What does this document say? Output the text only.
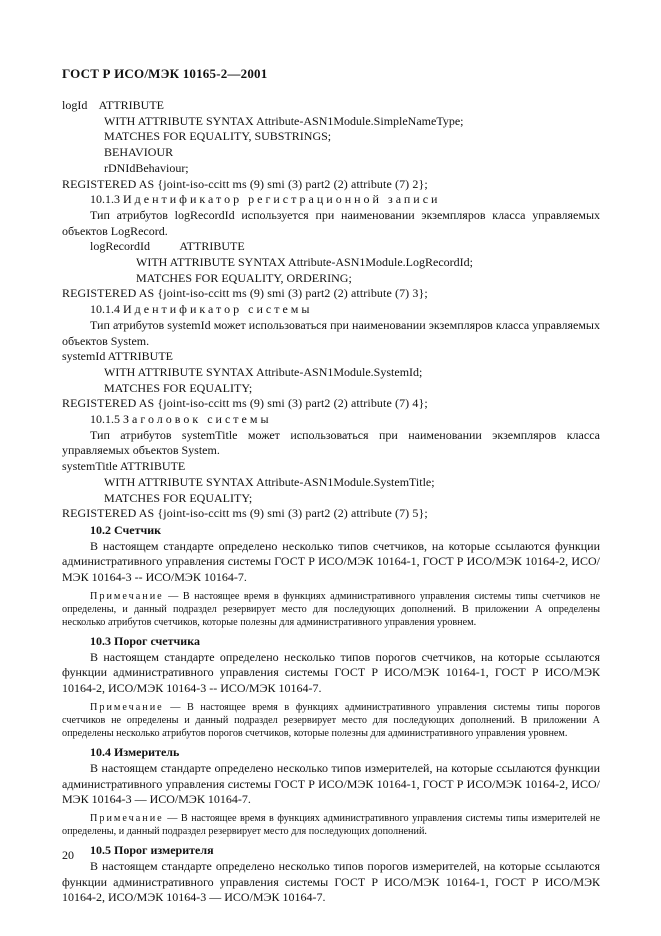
ГОСТ Р ИСО/МЭК 10165-2—2001
logId    ATTRIBUTE
WITH ATTRIBUTE SYNTAX Attribute-ASN1Module.SimpleNameType;
MATCHES FOR EQUALITY, SUBSTRINGS;
BEHAVIOUR
rDNIdBehaviour;
REGISTERED AS {joint-iso-ccitt ms (9) smi (3) part2 (2) attribute (7) 2};
10.1.3 Идентификатор регистрационной записи
Тип атрибутов logRecordId используется при наименовании экземпляров класса управляемых объектов LogRecord.
logRecordId          ATTRIBUTE
WITH ATTRIBUTE SYNTAX Attribute-ASN1Module.LogRecordId;
MATCHES FOR EQUALITY, ORDERING;
REGISTERED AS {joint-iso-ccitt ms (9) smi (3) part2 (2) attribute (7) 3};
10.1.4 Идентификатор системы
Тип атрибутов systemId может использоваться при наименовании экземпляров класса управляемых объектов System.
systemId ATTRIBUTE
WITH ATTRIBUTE SYNTAX Attribute-ASN1Module.SystemId;
MATCHES FOR EQUALITY;
REGISTERED AS {joint-iso-ccitt ms (9) smi (3) part2 (2) attribute (7) 4};
10.1.5 Заголовок системы
Тип атрибутов systemTitle может использоваться при наименовании экземпляров класса управляемых объектов System.
systemTitle ATTRIBUTE
WITH ATTRIBUTE SYNTAX Attribute-ASN1Module.SystemTitle;
MATCHES FOR EQUALITY;
REGISTERED AS {joint-iso-ccitt ms (9) smi (3) part2 (2) attribute (7) 5};
10.2 Счетчик
В настоящем стандарте определено несколько типов счетчиков, на которые ссылаются функции административного управления системы ГОСТ Р ИСО/МЭК 10164-1, ГОСТ Р ИСО/МЭК 10164-2, ИСО/МЭК 10164-3 -- ИСО/МЭК 10164-7.
Примечание — В настоящее время в функциях административного управления системы типы счетчиков не определены, и данный подраздел резервирует место для последующих дополнений. В приложении А определены несколько атрибутов счетчиков, которые полезны для административного управления уровнем.
10.3 Порог счетчика
В настоящем стандарте определено несколько типов порогов счетчиков, на которые ссылаются функции административного управления системы ГОСТ Р ИСО/МЭК 10164-1, ГОСТ Р ИСО/МЭК 10164-2, ИСО/МЭК 10164-3 -- ИСО/МЭК 10164-7.
Примечание — В настоящее время в функциях административного управления системы типы порогов счетчиков не определены и данный подраздел резервирует место для последующих дополнений. В приложении А определены несколько атрибутов порогов счетчиков, которые полезны для административного управления уровнем.
10.4 Измеритель
В настоящем стандарте определено несколько типов измерителей, на которые ссылаются функции административного управления системы ГОСТ Р ИСО/МЭК 10164-1, ГОСТ Р ИСО/МЭК 10164-2, ИСО/МЭК 10164-3 — ИСО/МЭК 10164-7.
Примечание — В настоящее время в функциях административного управления системы типы измерителей не определены, и данный подраздел резервирует место для последующих дополнений.
10.5 Порог измерителя
В настоящем стандарте определено несколько типов порогов измерителей, на которые ссылаются функции административного управления системы ГОСТ Р ИСО/МЭК 10164-1, ГОСТ Р ИСО/МЭК 10164-2, ИСО/МЭК 10164-3 — ИСО/МЭК 10164-7.
20
